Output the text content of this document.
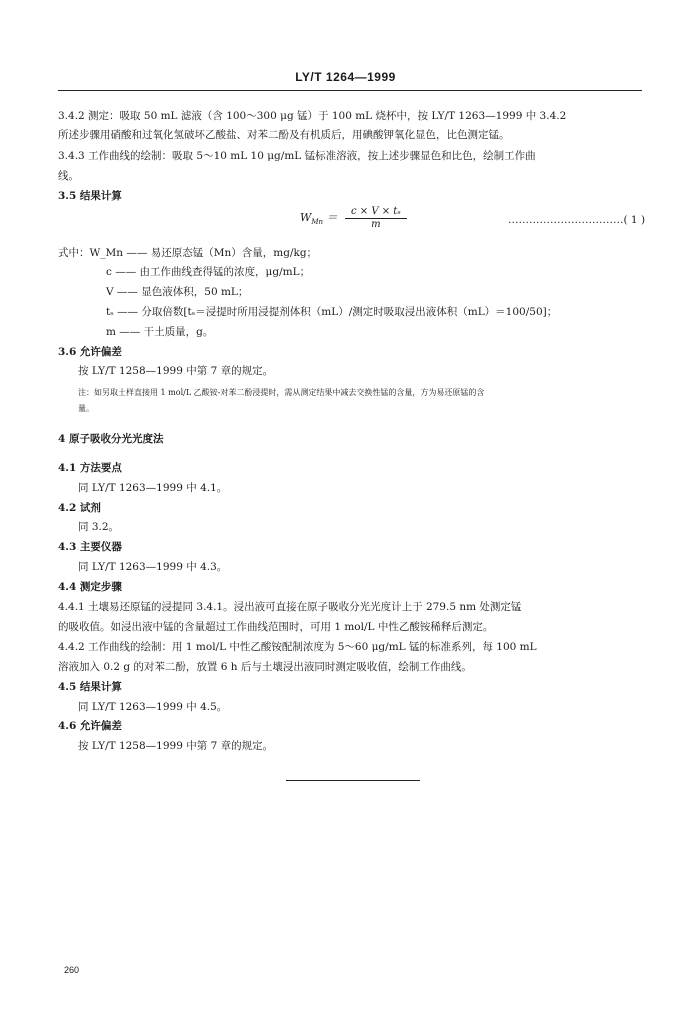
LY/T 1264—1999
3.4.2 测定：吸取 50 mL 滤液（含 100～300 μg 锰）于 100 mL 烧杯中，按 LY/T 1263—1999 中 3.4.2
所述步骤用硝酸和过氧化氢破坏乙酸盐、对苯二酚及有机质后，用碘酸钾氧化显色，比色测定锰。
3.4.3 工作曲线的绘制：吸取 5～10 mL 10 μg/mL 锰标准溶液，按上述步骤显色和比色，绘制工作曲
线。
3.5 结果计算
式中：W_Mn —— 易还原态锰（Mn）含量，mg/kg；
c —— 由工作曲线查得锰的浓度，μg/mL；
V —— 显色液体积，50 mL；
tₛ —— 分取倍数[tₛ＝浸提时所用浸提剂体积（mL）/测定时吸取浸出液体积（mL）＝100/50]；
m —— 干土质量，g。
3.6 允许偏差
按 LY/T 1258—1999 中第 7 章的规定。
注：如另取土样直接用 1 mol/L 乙酸铵-对苯二酚浸提时，需从测定结果中减去交换性锰的含量，方为易还原锰的含
量。
4 原子吸收分光光度法
4.1 方法要点
同 LY/T 1263—1999 中 4.1。
4.2 试剂
同 3.2。
4.3 主要仪器
同 LY/T 1263—1999 中 4.3。
4.4 测定步骤
4.4.1 土壤易还原锰的浸提同 3.4.1。浸出液可直接在原子吸收分光光度计上于 279.5 nm 处测定锰
的吸收值。如浸出液中锰的含量超过工作曲线范围时，可用 1 mol/L 中性乙酸铵稀释后测定。
4.4.2 工作曲线的绘制：用 1 mol/L 中性乙酸铵配制浓度为 5～60 μg/mL 锰的标准系列，每 100 mL
溶液加入 0.2 g 的对苯二酚，放置 6 h 后与土壤浸出液同时测定吸收值，绘制工作曲线。
4.5 结果计算
同 LY/T 1263—1999 中 4.5。
4.6 允许偏差
按 LY/T 1258—1999 中第 7 章的规定。
$W_{Mn} = \frac{\text{c × V × tₛ}}{m}$	……………………………( 1 )
260
